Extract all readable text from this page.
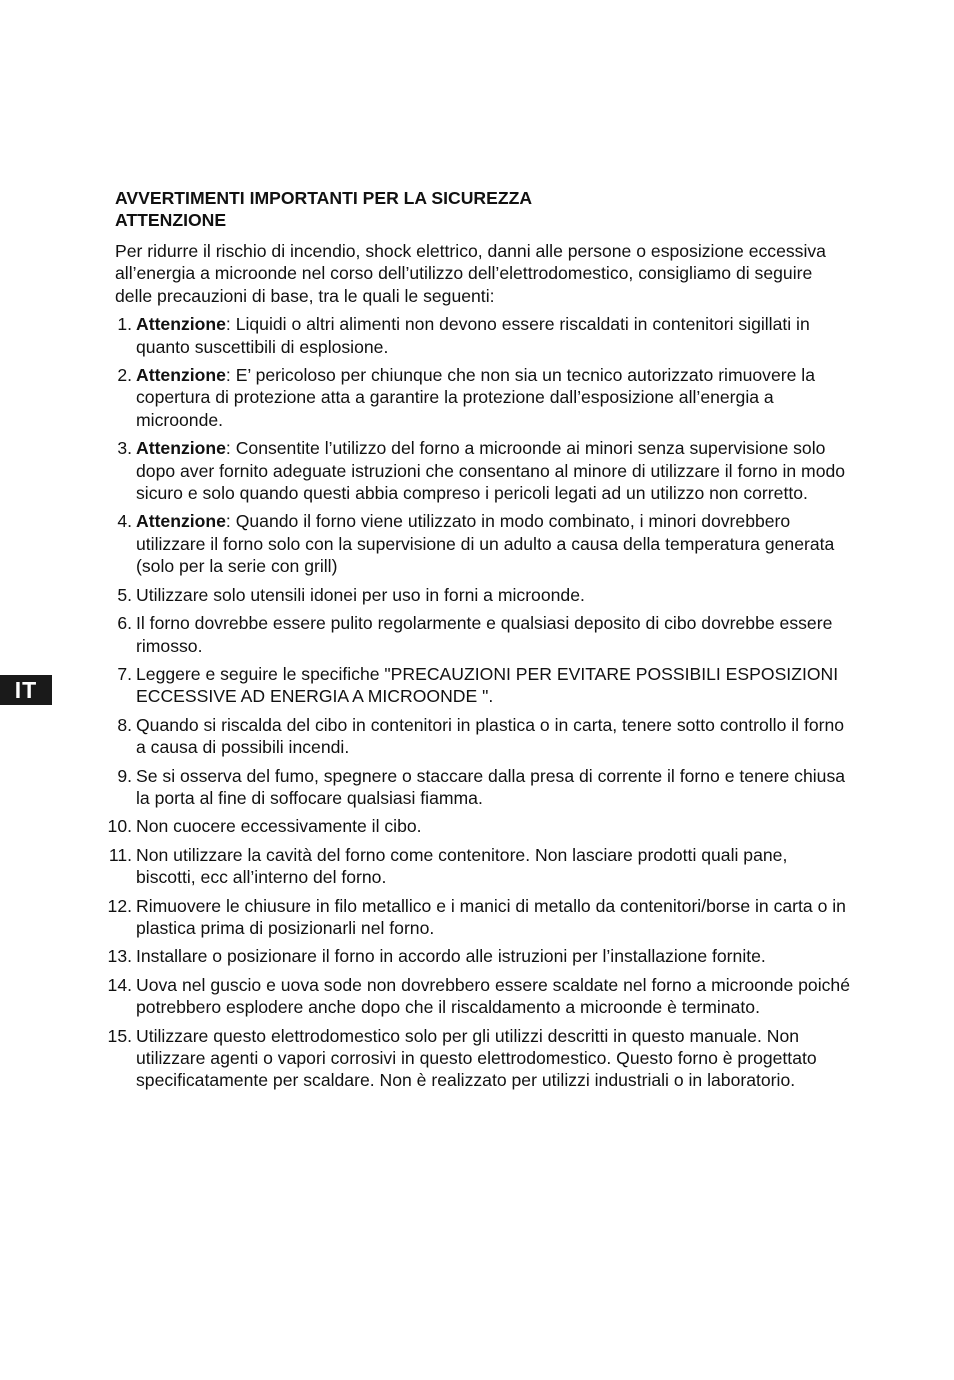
IT

AVVERTIMENTI IMPORTANTI PER LA SICUREZZA

ATTENZIONE

Per ridurre il rischio di incendio, shock elettrico, danni alle persone o esposizione eccessiva all’energia a microonde nel corso dell’utilizzo dell’elettrodomestico, consigliamo di seguire delle precauzioni di base, tra le quali le seguenti:

1. Attenzione: Liquidi o altri alimenti non devono essere riscaldati in contenitori sigillati in quanto suscettibili di esplosione.
2. Attenzione: E’ pericoloso per chiunque che non sia un tecnico autorizzato rimuovere la copertura di protezione atta a garantire la protezione dall’esposizione all’energia a microonde.
3. Attenzione: Consentite l’utilizzo del forno a microonde ai minori senza supervisione solo dopo aver fornito adeguate istruzioni che consentano al minore di utilizzare il forno in modo sicuro e solo quando questi abbia compreso i pericoli legati ad un utilizzo non corretto.
4. Attenzione: Quando il forno viene utilizzato in modo combinato, i minori dovrebbero utilizzare il forno solo con la supervisione di un adulto a causa della temperatura generata (solo per la serie con grill)
5. Utilizzare solo utensili idonei per uso in forni a microonde.
6. Il forno dovrebbe essere pulito regolarmente e qualsiasi deposito di cibo dovrebbe essere rimosso.
7. Leggere e seguire le specifiche "PRECAUZIONI PER EVITARE POSSIBILI ESPOSIZIONI ECCESSIVE AD ENERGIA A MICROONDE ".
8. Quando si riscalda del cibo in contenitori in plastica o in carta, tenere sotto controllo il forno a causa di possibili incendi.
9. Se si osserva del fumo, spegnere o staccare dalla presa di corrente il forno e tenere chiusa la porta al fine di soffocare qualsiasi fiamma.
10. Non cuocere eccessivamente il cibo.
11. Non utilizzare la cavità del forno come contenitore. Non lasciare prodotti quali pane, biscotti, ecc all’interno del forno.
12. Rimuovere le chiusure in filo metallico e i manici di metallo da contenitori/borse in carta o in plastica prima di posizionarli nel forno.
13. Installare o posizionare il forno in accordo alle istruzioni per l’installazione fornite.
14. Uova nel guscio e uova sode non dovrebbero essere scaldate nel forno a microonde poiché potrebbero esplodere anche dopo che il riscaldamento a microonde è terminato.
15. Utilizzare questo elettrodomestico solo per gli utilizzi descritti in questo manuale. Non utilizzare agenti o vapori corrosivi in questo elettrodomestico. Questo forno è progettato specificatamente per scaldare. Non è realizzato per utilizzi industriali o in laboratorio.
